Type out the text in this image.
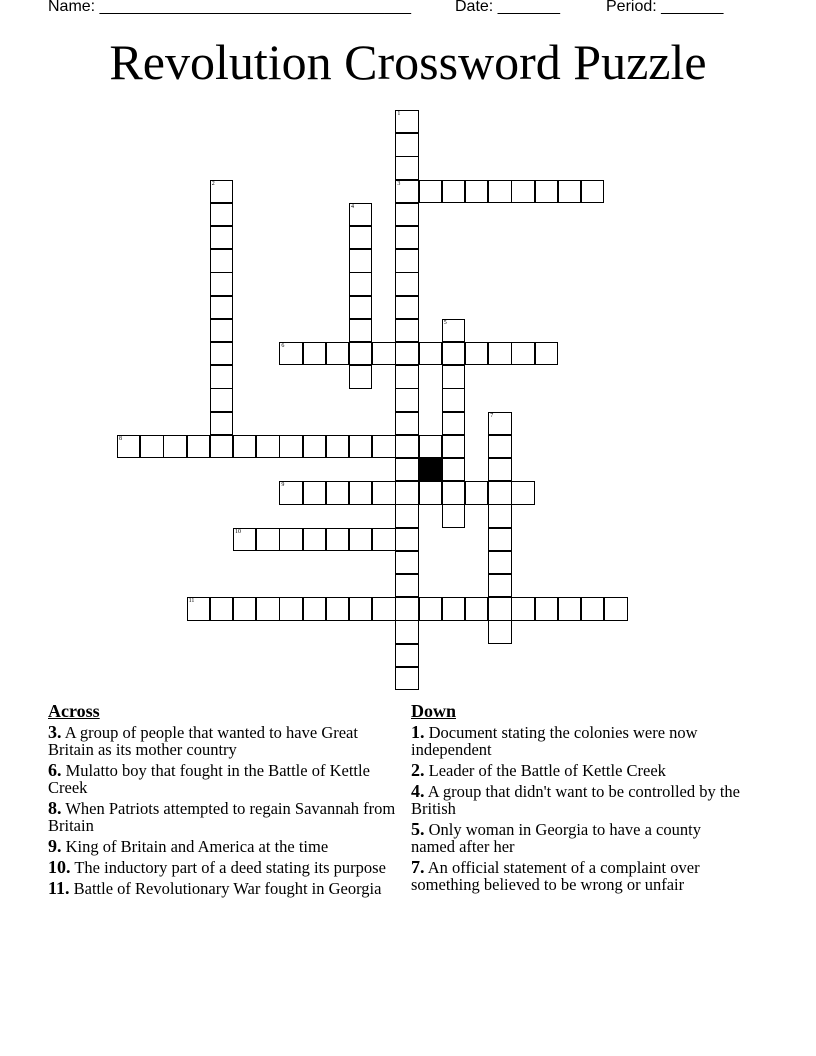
Name: ___________________________________

	Date: _______

	Period: _______

Revolution Crossword Puzzle
1
3
2
4
5
6
7
8
9
10
11
Across
3. A group of people that wanted to have Great Britain as its mother country
6. Mulatto boy that fought in the Battle of Kettle Creek
8. When Patriots attempted to regain Savannah from Britain
9. King of Britain and America at the time
10. The inductory part of a deed stating its purpose
11. Battle of Revolutionary War fought in Georgia
Down
1. Document stating the colonies were now independent
2. Leader of the Battle of Kettle Creek
4. A group that didn't want to be controlled by the British
5. Only woman in Georgia to have a county named after her
7. An official statement of a complaint over something believed to be wrong or unfair
